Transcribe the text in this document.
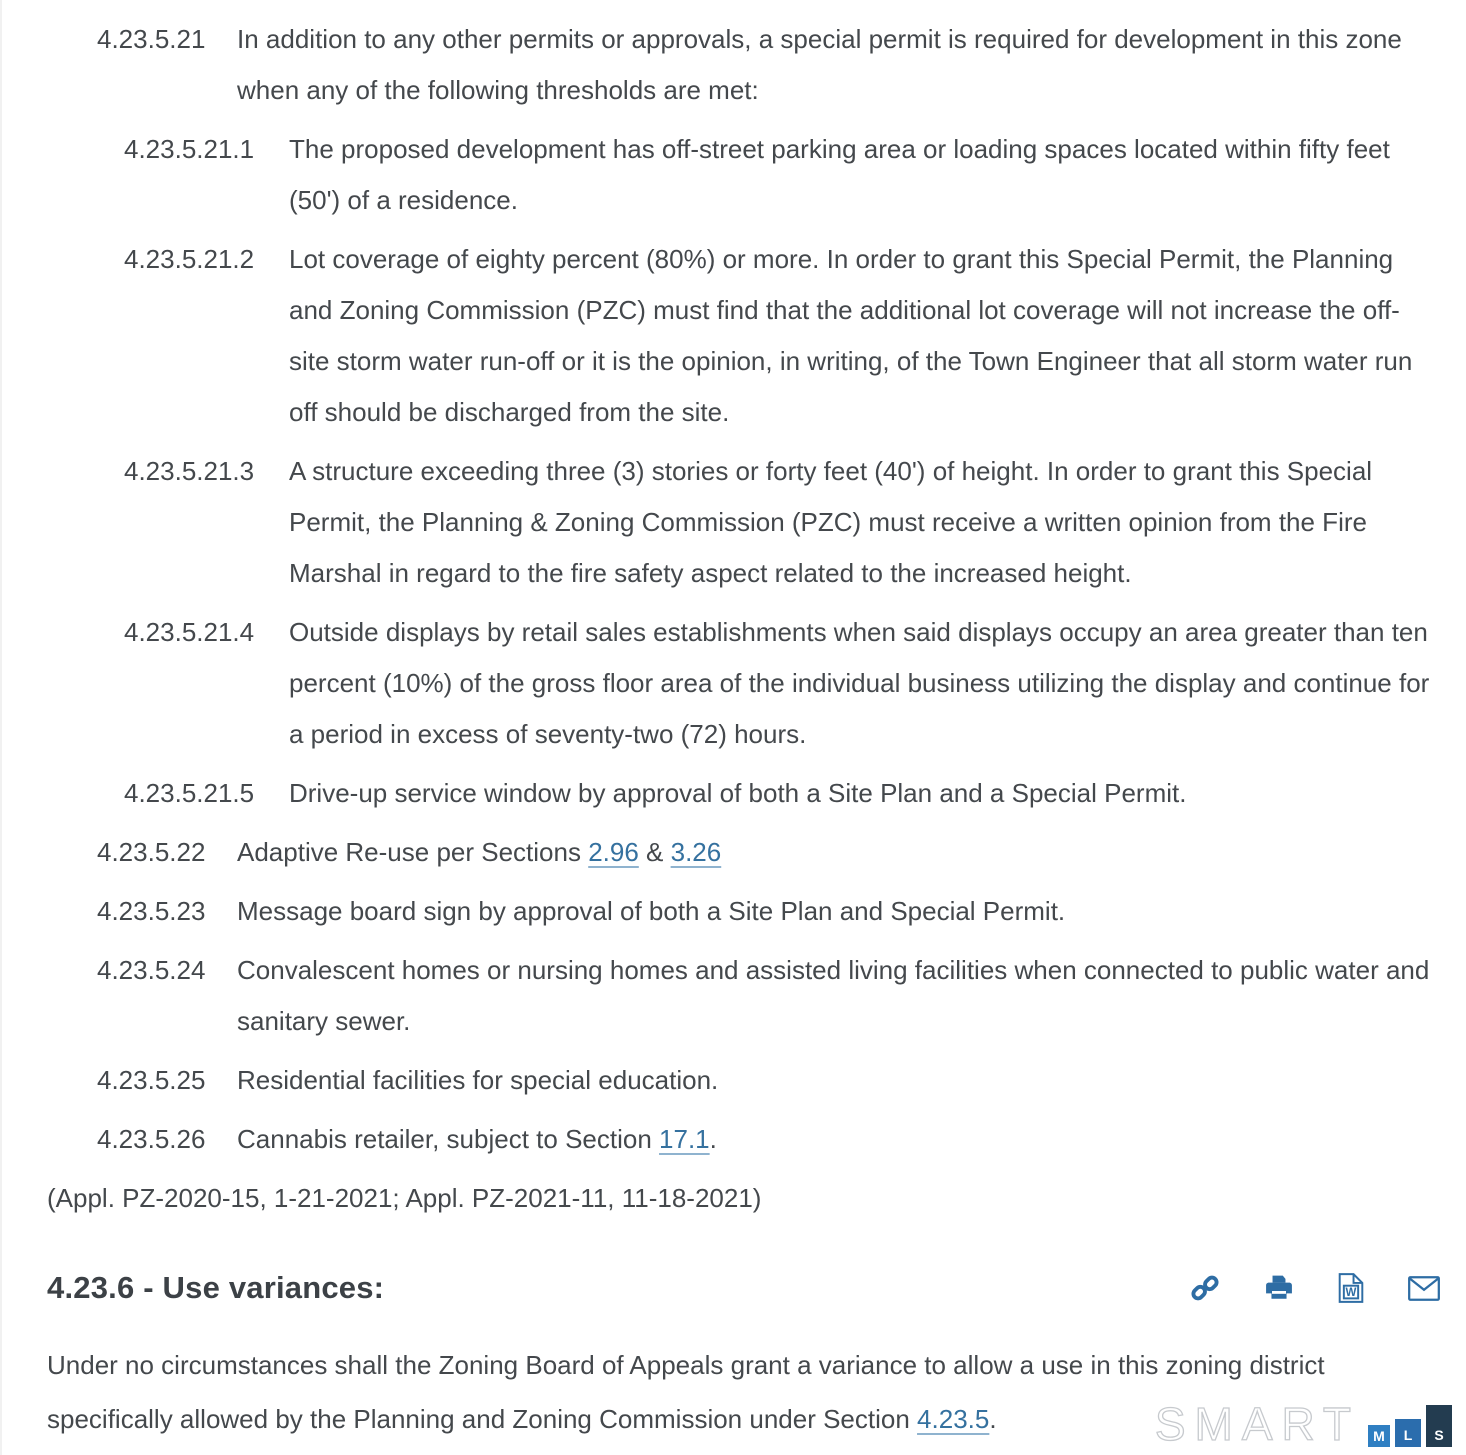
4.23.5.21	In addition to any other permits or approvals, a special permit is required for development in this zone when any of the following thresholds are met:
4.23.5.21.1	The proposed development has off-street parking area or loading spaces located within fifty feet (50') of a residence.
4.23.5.21.2	Lot coverage of eighty percent (80%) or more. In order to grant this Special Permit, the Planning and Zoning Commission (PZC) must find that the additional lot coverage will not increase the off-site storm water run-off or it is the opinion, in writing, of the Town Engineer that all storm water run off should be discharged from the site.
4.23.5.21.3	A structure exceeding three (3) stories or forty feet (40') of height. In order to grant this Special Permit, the Planning & Zoning Commission (PZC) must receive a written opinion from the Fire Marshal in regard to the fire safety aspect related to the increased height.
4.23.5.21.4	Outside displays by retail sales establishments when said displays occupy an area greater than ten percent (10%) of the gross floor area of the individual business utilizing the display and continue for a period in excess of seventy-two (72) hours.
4.23.5.21.5	Drive-up service window by approval of both a Site Plan and a Special Permit.
4.23.5.22	Adaptive Re-use per Sections 2.96 & 3.26
4.23.5.23	Message board sign by approval of both a Site Plan and Special Permit.
4.23.5.24	Convalescent homes or nursing homes and assisted living facilities when connected to public water and sanitary sewer.
4.23.5.25	Residential facilities for special education.
4.23.5.26	Cannabis retailer, subject to Section 17.1.
(Appl. PZ-2020-15, 1-21-2021; Appl. PZ-2021-11, 11-18-2021)
4.23.6 - Use variances:	W
Under no circumstances shall the Zoning Board of Appeals grant a variance to allow a use in this zoning district specifically allowed by the Planning and Zoning Commission under Section 4.23.5.	SMART M	L	S
